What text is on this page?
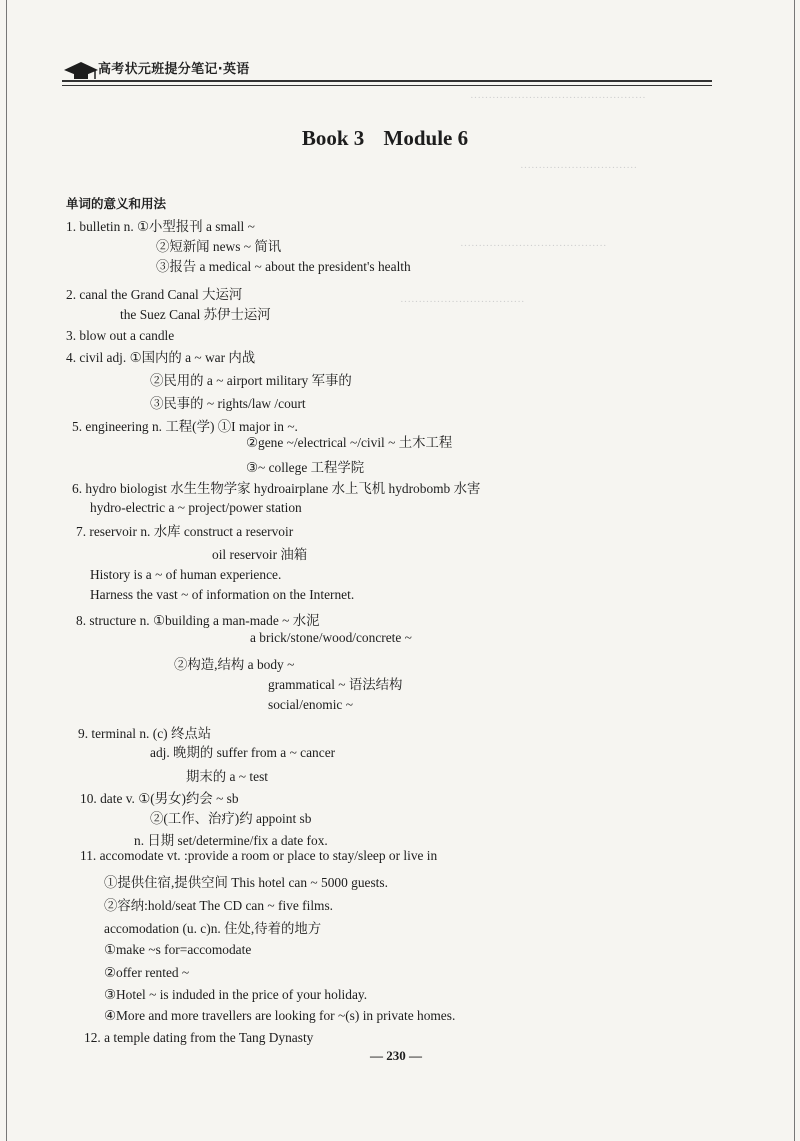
高考状元班提分笔记·英语
················································
································
········································
··································
Book 3 Module 6
单词的意义和用法
1. bulletin n. ①小型报刊 a small ~
②短新闻 news ~ 简讯
③报告 a medical ~ about the president's health
2. canal the Grand Canal 大运河
the Suez Canal 苏伊士运河
3. blow out a candle
4. civil adj. ①国内的 a ~ war 内战
②民用的 a ~ airport military 军事的
③民事的 ~ rights/law /court
5. engineering n. 工程(学) ①I major in ~.
②gene ~/electrical ~/civil ~ 土木工程
③~ college 工程学院
6. hydro biologist 水生生物学家 hydroairplane 水上飞机 hydrobomb 水害
hydro-electric a ~ project/power station
7. reservoir n. 水库 construct a reservoir
oil reservoir 油箱
History is a ~ of human experience.
Harness the vast ~ of information on the Internet.
8. structure n. ①building a man-made ~ 水泥
a brick/stone/wood/concrete ~
②构造,结构 a body ~
grammatical ~ 语法结构
social/enomic ~
9. terminal n. (c) 终点站
adj. 晚期的 suffer from a ~ cancer
期末的 a ~ test
10. date v. ①(男女)约会 ~ sb
②(工作、治疗)约 appoint sb
n. 日期 set/determine/fix a date fox.
11. accomodate vt. :provide a room or place to stay/sleep or live in
①提供住宿,提供空间 This hotel can ~ 5000 guests.
②容纳:hold/seat The CD can ~ five films.
accomodation (u. c)n. 住处,待着的地方
①make ~s for=accomodate
②offer rented ~
③Hotel ~ is induded in the price of your holiday.
④More and more travellers are looking for ~(s) in private homes.
12. a temple dating from the Tang Dynasty
— 230 —
